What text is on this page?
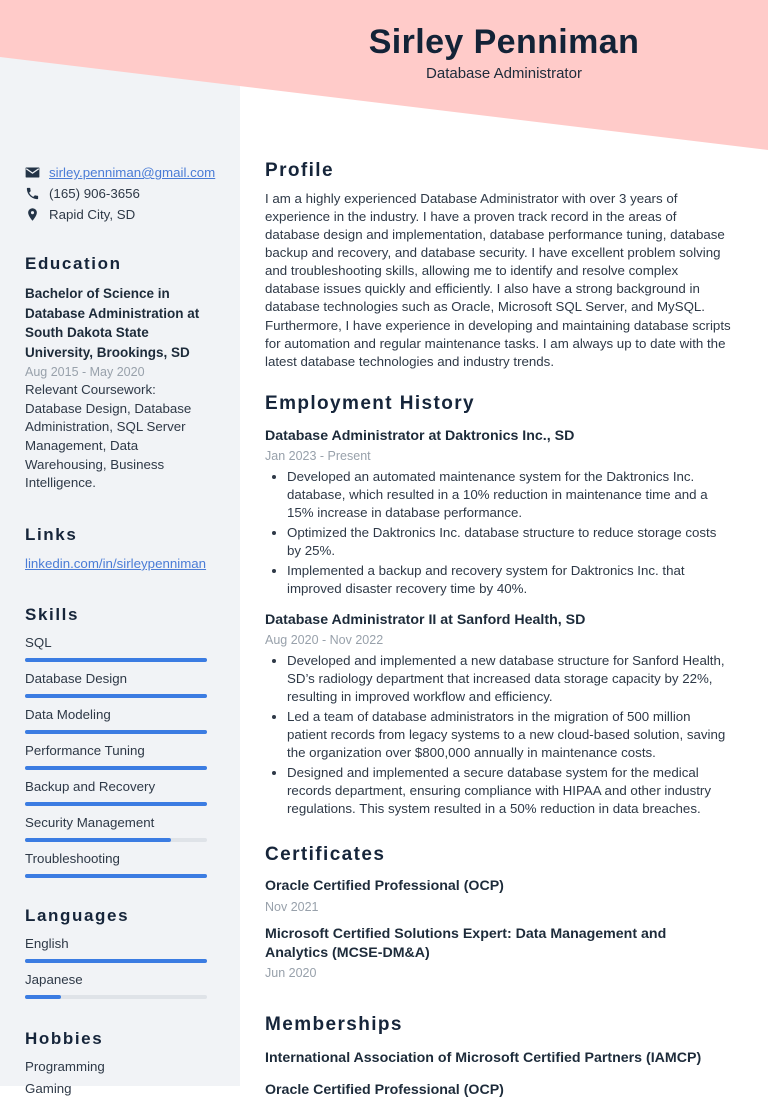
sirley.penniman@gmail.com
(165) 906-3656
Rapid City, SD
Education
Bachelor of Science in Database Administration at South Dakota State University, Brookings, SD
Aug 2015 - May 2020
Relevant Coursework: Database Design, Database Administration, SQL Server Management, Data Warehousing, Business Intelligence.
Links
linkedin.com/in/sirleypenniman
Skills
SQL
Database Design
Data Modeling
Performance Tuning
Backup and Recovery
Security Management
Troubleshooting
Languages
English
Japanese
Hobbies
Programming
Gaming
Sirley Penniman
Database Administrator
Profile

I am a highly experienced Database Administrator with over 3 years of experience in the industry. I have a proven track record in the areas of database design and implementation, database performance tuning, database backup and recovery, and database security. I have excellent problem solving and troubleshooting skills, allowing me to identify and resolve complex database issues quickly and efficiently. I also have a strong background in database technologies such as Oracle, Microsoft SQL Server, and MySQL. Furthermore, I have experience in developing and maintaining database scripts for automation and regular maintenance tasks. I am always up to date with the latest database technologies and industry trends.

Employment History
Database Administrator at Daktronics Inc., SD
Jan 2023 - Present
• Developed an automated maintenance system for the Daktronics Inc. database, which resulted in a 10% reduction in maintenance time and a 15% increase in database performance.
• Optimized the Daktronics Inc. database structure to reduce storage costs by 25%.
• Implemented a backup and recovery system for Daktronics Inc. that improved disaster recovery time by 40%.
Database Administrator II at Sanford Health, SD
Aug 2020 - Nov 2022
• Developed and implemented a new database structure for Sanford Health, SD’s radiology department that increased data storage capacity by 22%, resulting in improved workflow and efficiency.
• Led a team of database administrators in the migration of 500 million patient records from legacy systems to a new cloud-based solution, saving the organization over $800,000 annually in maintenance costs.
• Designed and implemented a secure database system for the medical records department, ensuring compliance with HIPAA and other industry regulations. This system resulted in a 50% reduction in data breaches.
Certificates
Oracle Certified Professional (OCP)
Nov 2021
Microsoft Certified Solutions Expert: Data Management and Analytics (MCSE-DM&A)
Jun 2020
Memberships
International Association of Microsoft Certified Partners (IAMCP)
Oracle Certified Professional (OCP)
